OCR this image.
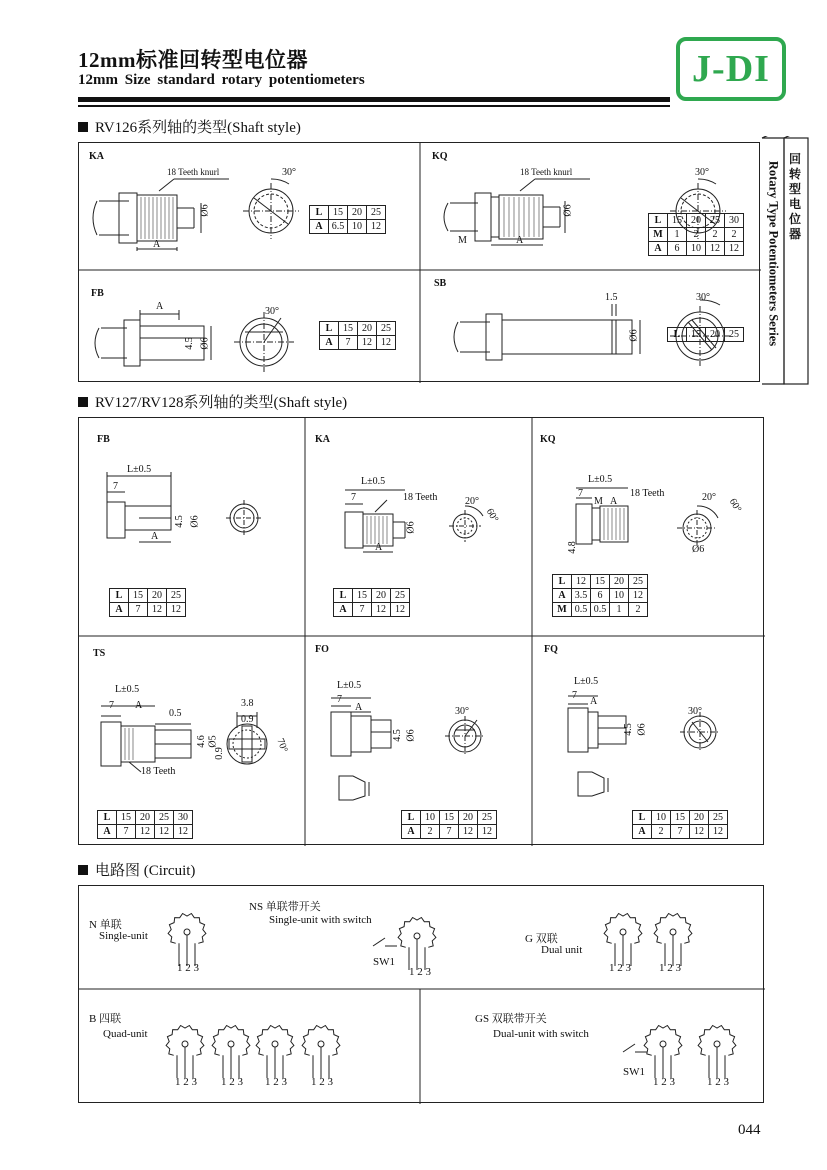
12mm标准回转型电位器
12mm Size standard rotary potentiometers	J-DI
回
转
型
电
位
器
Rotary Type Potentiometers Series
RV126系列轴的类型(Shaft style)
KA
18 Teeth knurl	30°
A
Ø6	L	15	20	25
A	6.5	10	12
KQ
18 Teeth knurl	30°
M	A
Ø6
L	15	20	25	30
M	1	2	2	2
A	6	10	12	12
FB
A	30°
4.5 Ø6
L	15	20	25
A	7	12	12
SB
1.5	30°
Ø6	L	15	20	25
RV127/RV128系列轴的类型(Shaft style)
FB
L±0.5
7
A
4.5 Ø6
L	15	20	25
A	7	12	12
KA
L±0.5
7	18 Teeth
A
Ø6
20°
60°
L	15	20	25
A	7	12	12
KQ
L±0.5
7
M A
18 Teeth
4.8	Ø6
20° 60°
L	12	15	20	25
A	3.5	6	10	12
M	0.5	0.5	1	2
TS
L±0.5
7 A
0.5
18 Teeth
4.6 Ø5
3.8
0.9
0.9	70°
L	15	20	25	30
A	7	12	12	12
FO
L±0.5
7
A
4.5 Ø6
30°
L	10	15	20	25
A	2	7	12	12
FQ
L±0.5
7
A
4.5 Ø6
30°
L	10	15	20	25
A	2	7	12	12
电路图 (Circuit)
N 单联
Single-unit
1 2 3
NS 单联带开关
Single-unit with switch
SW1
1 2 3
G 双联
Dual unit
1 2 3	1 2 3
B 四联
Quad-unit
1 2 3 1 2 3 1 2 3 1 2 3
GS 双联带开关
Dual-unit with switch
SW1
1 2 3	1 2 3
044
